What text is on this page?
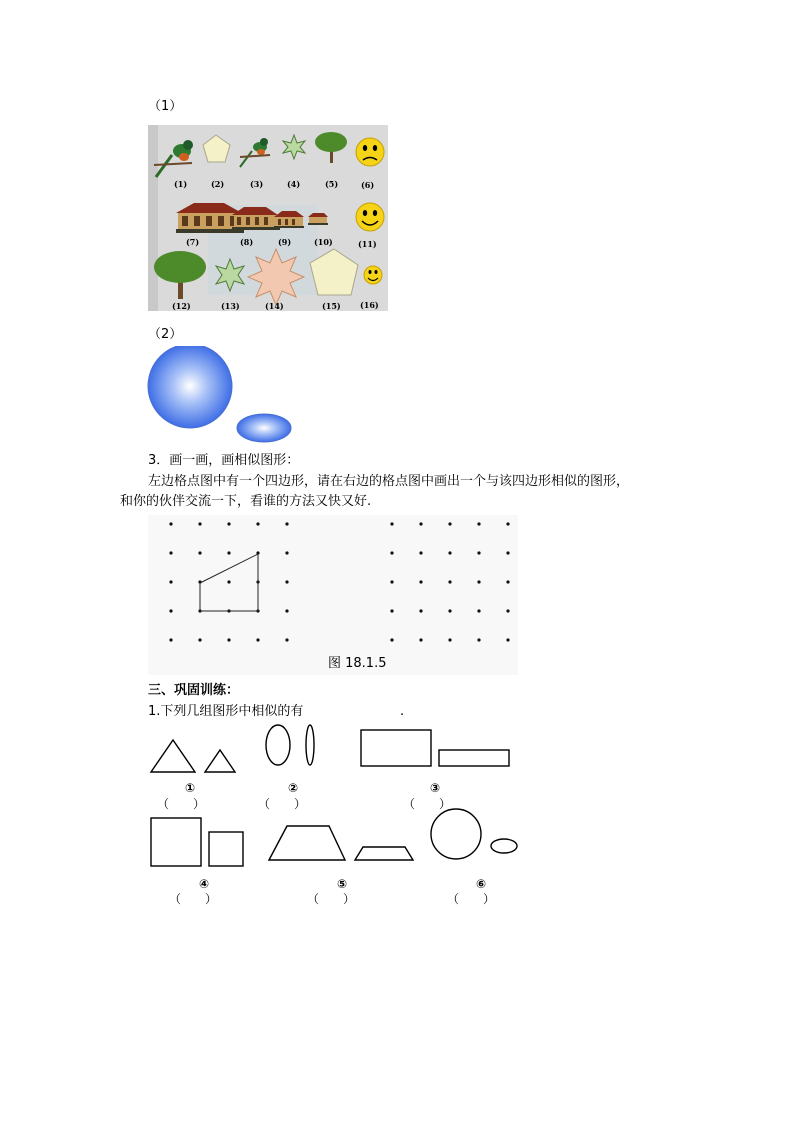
（1）
(1)	(2)	(3)	(4)	(5)	(6)
(7)	(8)	(9)	(10)	(11)
(12)	(13)	(14)	(15) (16)
（2）
3．画一画，画相似图形：
左边格点图中有一个四边形，请在右边的格点图中画出一个与该四边形相似的图形，
和你的伙伴交流一下，看谁的方法又快又好.
图 18.1.5
三、巩固训练：
1.下列几组图形中相似的有	.
①
（　　）
②
（　　）
③
（　　）
④
（　　）
⑤
（　　）
⑥
（　　）
